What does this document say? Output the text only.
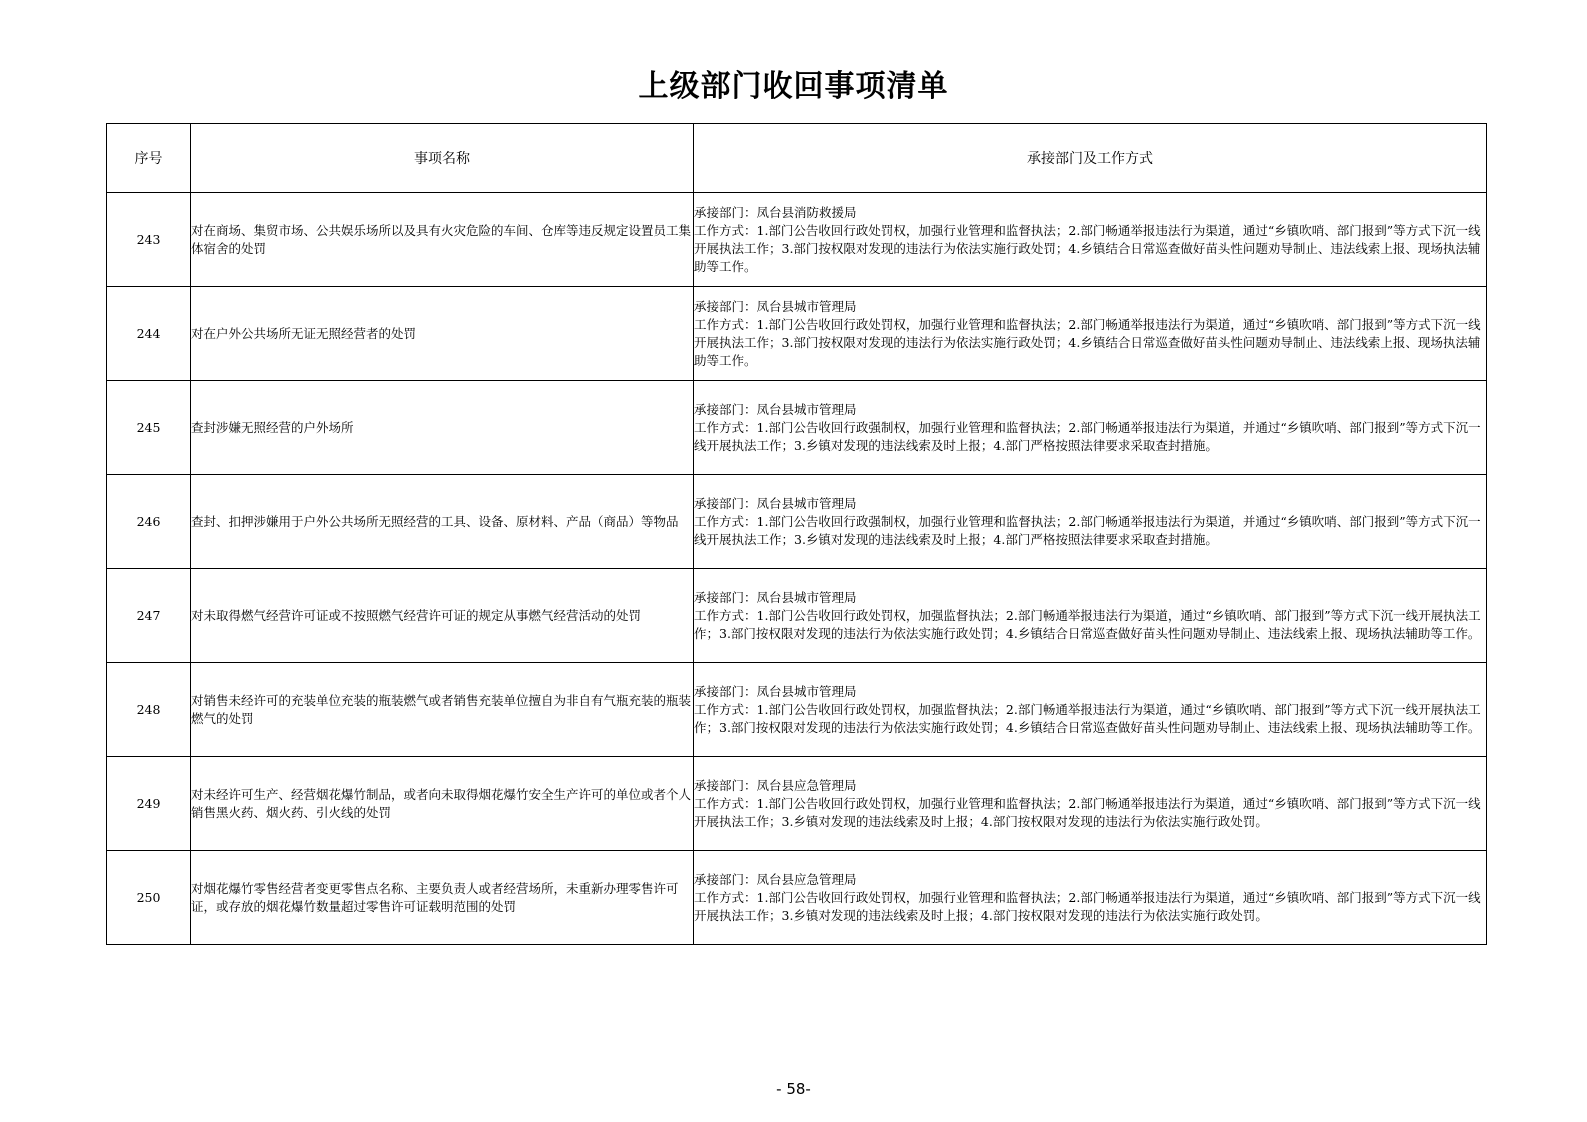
上级部门收回事项清单
序号	事项名称	承接部门及工作方式
243	对在商场、集贸市场、公共娱乐场所以及具有火灾危险的车间、仓库等违反规定设置员工集体宿舍的处罚	承接部门：凤台县消防救援局
工作方式：1.部门公告收回行政处罚权，加强行业管理和监督执法；2.部门畅通举报违法行为渠道，通过“乡镇吹哨、部门报到”等方式下沉一线开展执法工作；3.部门按权限对发现的违法行为依法实施行政处罚；4.乡镇结合日常巡查做好苗头性问题劝导制止、违法线索上报、现场执法辅助等工作。

244	对在户外公共场所无证无照经营者的处罚	承接部门：凤台县城市管理局
工作方式：1.部门公告收回行政处罚权，加强行业管理和监督执法；2.部门畅通举报违法行为渠道，通过“乡镇吹哨、部门报到”等方式下沉一线开展执法工作；3.部门按权限对发现的违法行为依法实施行政处罚；4.乡镇结合日常巡查做好苗头性问题劝导制止、违法线索上报、现场执法辅助等工作。

245	查封涉嫌无照经营的户外场所	承接部门：凤台县城市管理局
工作方式：1.部门公告收回行政强制权，加强行业管理和监督执法；2.部门畅通举报违法行为渠道，并通过“乡镇吹哨、部门报到”等方式下沉一线开展执法工作；3.乡镇对发现的违法线索及时上报；4.部门严格按照法律要求采取查封措施。

246	查封、扣押涉嫌用于户外公共场所无照经营的工具、设备、原材料、产品（商品）等物品	承接部门：凤台县城市管理局
工作方式：1.部门公告收回行政强制权，加强行业管理和监督执法；2.部门畅通举报违法行为渠道，并通过“乡镇吹哨、部门报到”等方式下沉一线开展执法工作；3.乡镇对发现的违法线索及时上报；4.部门严格按照法律要求采取查封措施。

247	对未取得燃气经营许可证或不按照燃气经营许可证的规定从事燃气经营活动的处罚	承接部门：凤台县城市管理局
工作方式：1.部门公告收回行政处罚权，加强监督执法；2.部门畅通举报违法行为渠道，通过“乡镇吹哨、部门报到”等方式下沉一线开展执法工作；3.部门按权限对发现的违法行为依法实施行政处罚；4.乡镇结合日常巡查做好苗头性问题劝导制止、违法线索上报、现场执法辅助等工作。

248	对销售未经许可的充装单位充装的瓶装燃气或者销售充装单位擅自为非自有气瓶充装的瓶装燃气的处罚	承接部门：凤台县城市管理局
工作方式：1.部门公告收回行政处罚权，加强监督执法；2.部门畅通举报违法行为渠道，通过“乡镇吹哨、部门报到”等方式下沉一线开展执法工作；3.部门按权限对发现的违法行为依法实施行政处罚；4.乡镇结合日常巡查做好苗头性问题劝导制止、违法线索上报、现场执法辅助等工作。

249	对未经许可生产、经营烟花爆竹制品，或者向未取得烟花爆竹安全生产许可的单位或者个人销售黑火药、烟火药、引火线的处罚	承接部门：凤台县应急管理局
工作方式：1.部门公告收回行政处罚权，加强行业管理和监督执法；2.部门畅通举报违法行为渠道，通过“乡镇吹哨、部门报到”等方式下沉一线开展执法工作；3.乡镇对发现的违法线索及时上报；4.部门按权限对发现的违法行为依法实施行政处罚。

250	对烟花爆竹零售经营者变更零售点名称、主要负责人或者经营场所，未重新办理零售许可证，或存放的烟花爆竹数量超过零售许可证载明范围的处罚	承接部门：凤台县应急管理局
工作方式：1.部门公告收回行政处罚权，加强行业管理和监督执法；2.部门畅通举报违法行为渠道，通过“乡镇吹哨、部门报到”等方式下沉一线开展执法工作；3.乡镇对发现的违法线索及时上报；4.部门按权限对发现的违法行为依法实施行政处罚。
- 58-
